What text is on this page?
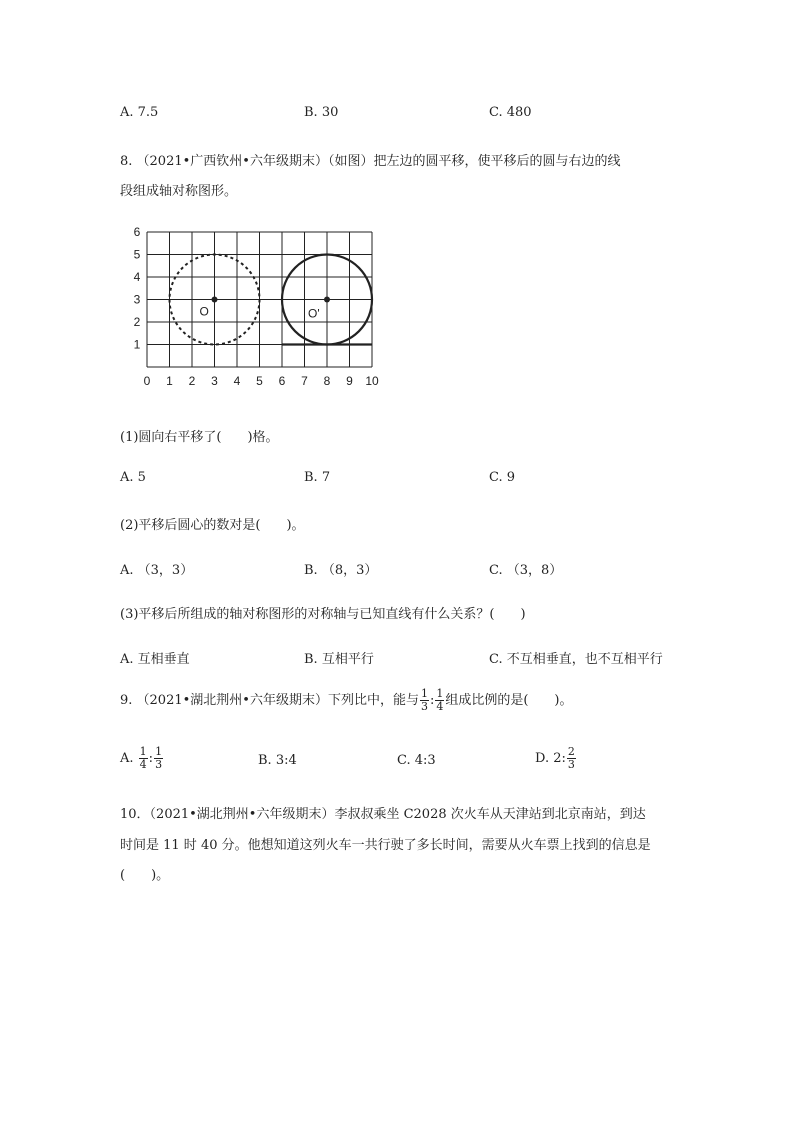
A. 7.5	B. 30	C. 480
8. （2021•广西钦州•六年级期末）（如图）把左边的圆平移，使平移后的圆与右边的线
段组成轴对称图形。
0 1 2 3 4 5 6 7 8 9 10
1
2
3
4
5
6
O	O'
(1)圆向右平移了(　　)格。
A. 5	B. 7	C. 9
(2)平移后圆心的数对是(　　)。
A. （3，3）	B. （8，3）	C. （3，8）
(3)平移后所组成的轴对称图形的对称轴与已知直线有什么关系？(　　)
A. 互相垂直	B. 互相平行	C. 不互相垂直，也不互相平行
9. （2021•湖北荆州•六年级期末）下列比中，能与 $\frac{1}{3}$ : $\frac{1}{4}$ 组成比例的是(　　)。
A. $\frac{1}{4}$ : $\frac{1}{3}$	B. 3:4	C. 4:3	D. 2: $\frac{2}{3}$
10．（2021•湖北荆州•六年级期末）李叔叔乘坐 C2028 次火车从天津站到北京南站，到达
时间是 11 时 40 分。他想知道这列火车一共行驶了多长时间，需要从火车票上找到的信息是
(　　)。
